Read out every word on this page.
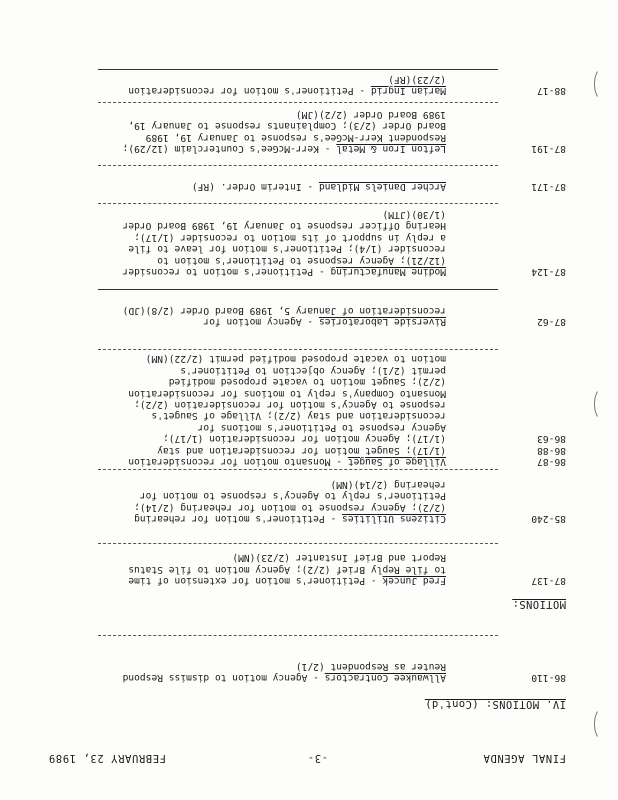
FINAL AGENDA
-3-
FEBRUARY 23, 1989
IV. MOTIONS: (Cont'd)
86-110
Allwaukee Contractors - Agency motion to dismiss Respond
Reuter as Respondent (2/1)
MOTIONS:
87-137
Fred Juncek - Petitioner's motion for extension of time
to file Reply Brief (2/2); Agency motion to file Status
Report and Brief Instanter (2/23)(NM)
85-240
Citizens Utilities - Petitioner's motion for rehearing
(2/2); Agency response to motion for rehearing (2/14);
Petitioner's reply to Agency's response to motion for
rehearing (2/14)(NM)
86-87
86-88
86-63
Village of Sauget - Monsanto motion for reconsideration
(1/17); Sauget motion for reconsideration and stay
(1/17); Agency motion for reconsideration (1/17);
Agency response to Petitioner's motions for
reconsideration and stay (2/2); Village of Sauget's
response to Agency's motion for reconsideration (2/2);
Monsanto Company's reply to motions for reconsideration
(2/2); Sauget motion to vacate proposed modified
permit (2/1); Agency objection to Petitioner's
motion to vacate proposed modified permit (2/22)(NM)
87-62
Riverside Laboratories - Agency motion for
reconsideration of January 5, 1989 Board Order (2/8)(JD)
87-124
Modine Manufacturing - Petitioner's motion to reconsider
(12/21); Agency response to Petitioner's motion to
reconsider (1/4); Petitioner's motion for leave to file
a reply in support of its motion to reconsider (1/17);
Hearing Officer response to January 19, 1989 Board Order
(1/30)(JTM)
87-171
Archer Daniels Midland - Interim Order. (RF)
87-191
Lefton Iron & Metal - Kerr-McGee's Counterclaim (12/29);
Respondent Kerr-McGee's response to January 19, 1989
Board Order (2/3); Complainants response to January 19,
1989 Board Order (2/2)(JM)
88-17
Marian Ingrid - Petitioner's motion for reconsideration
(2/23)(RF)
